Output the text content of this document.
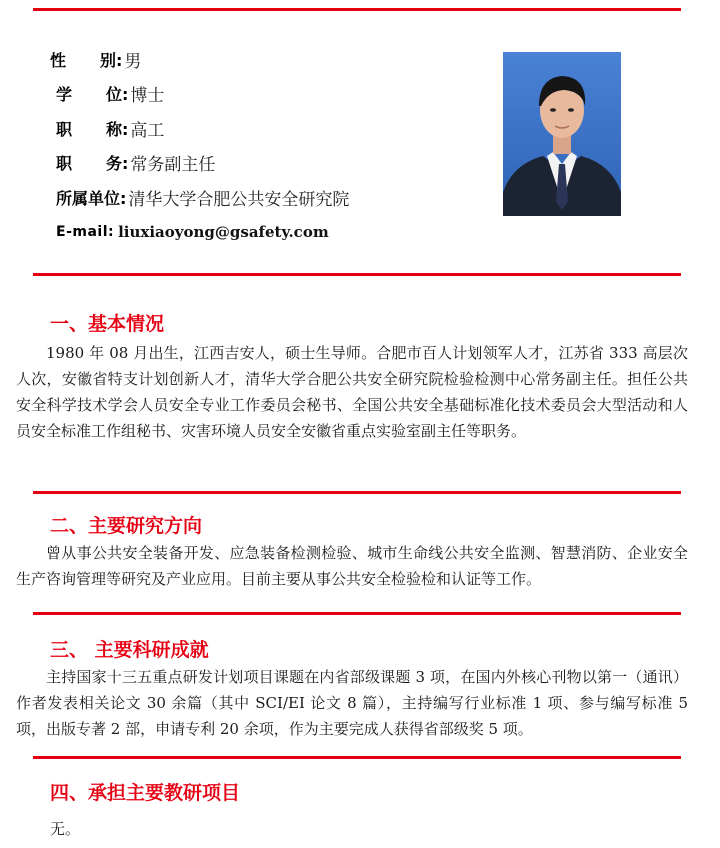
性 别: 男
学 位: 博士
职 称: 高工
职 务: 常务副主任
所属单位: 清华大学合肥公共安全研究院
E-mail: liuxiaoyong@gsafety.com
一、基本情况

1980 年 08 月出生，江西吉安人，硕士生导师。合肥市百人计划领军人才，江苏省 333 高层次人次，安徽省特支计划创新人才，清华大学合肥公共安全研究院检验检测中心常务副主任。担任公共安全科学技术学会人员安全专业工作委员会秘书、全国公共安全基础标准化技术委员会大型活动和人员安全标准工作组秘书、灾害环境人员安全安徽省重点实验室副主任等职务。

二、主要研究方向

曾从事公共安全装备开发、应急装备检测检验、城市生命线公共安全监测、智慧消防、企业安全生产咨询管理等研究及产业应用。目前主要从事公共安全检验检和认证等工作。

三、 主要科研成就

主持国家十三五重点研发计划项目课题在内省部级课题 3 项，在国内外核心刊物以第一（通讯）作者发表相关论文 30 余篇（其中 SCI/EI 论文 8 篇），主持编写行业标准 1 项、参与编写标准 5 项，出版专著 2 部，申请专利 20 余项，作为主要完成人获得省部级奖 5 项。

四、承担主要教研项目
无。
